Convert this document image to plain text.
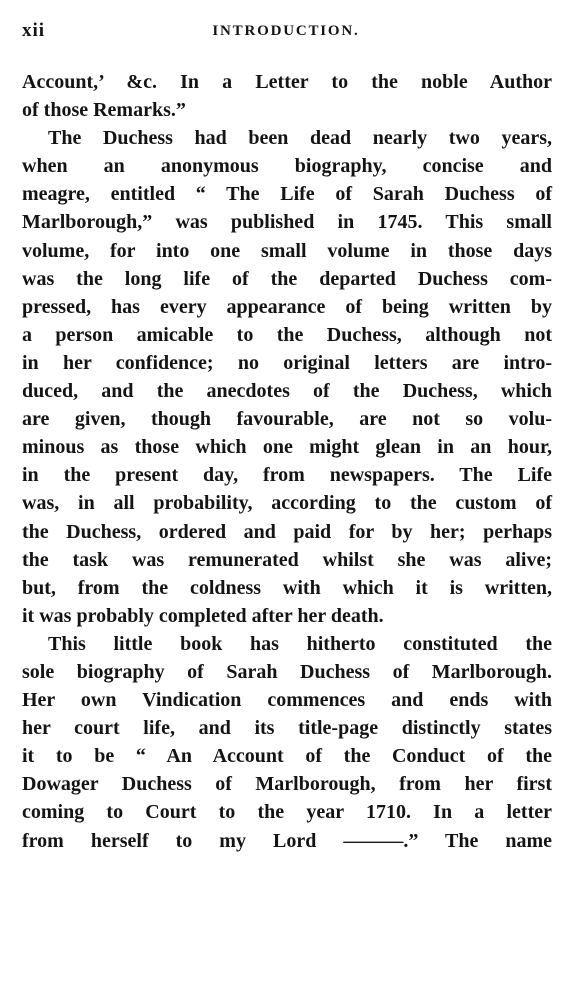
xii	INTRODUCTION.
Account,’ &c. In a Letter to the noble Author
of those Remarks.”
The Duchess had been dead nearly two years,
when an anonymous biography, concise and
meagre, entitled “ The Life of Sarah Duchess of
Marlborough,” was published in 1745. This small
volume, for into one small volume in those days
was the long life of the departed Duchess com-
pressed, has every appearance of being written by
a person amicable to the Duchess, although not
in her confidence; no original letters are intro-
duced, and the anecdotes of the Duchess, which
are given, though favourable, are not so volu-
minous as those which one might glean in an hour,
in the present day, from newspapers. The Life
was, in all probability, according to the custom of
the Duchess, ordered and paid for by her; perhaps
the task was remunerated whilst she was alive;
but, from the coldness with which it is written,
it was probably completed after her death.
This little book has hitherto constituted the
sole biography of Sarah Duchess of Marlborough.
Her own Vindication commences and ends with
her court life, and its title-page distinctly states
it to be “ An Account of the Conduct of the
Dowager Duchess of Marlborough, from her first
coming to Court to the year 1710. In a letter
from herself to my Lord ———.” The name
